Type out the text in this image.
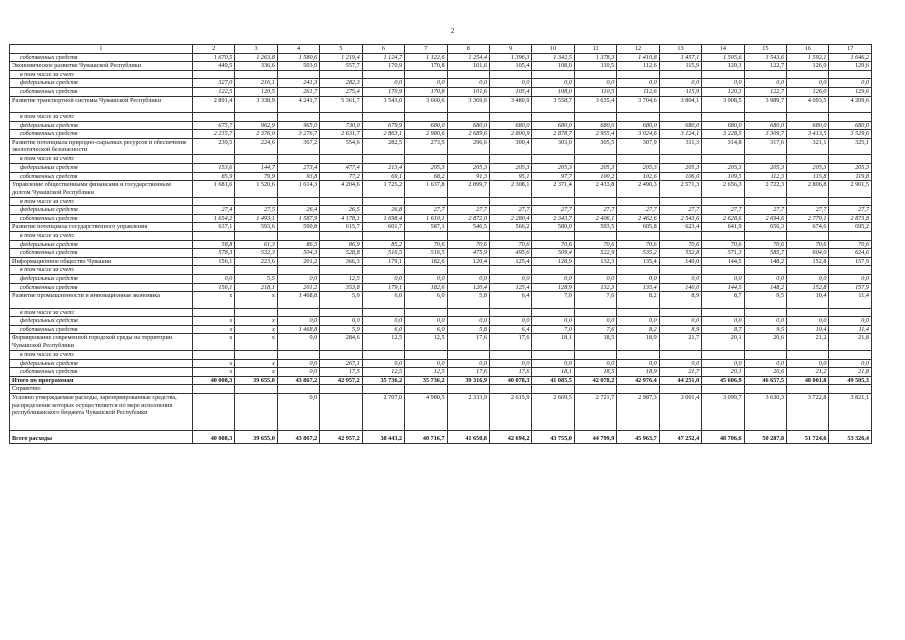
2
1	2	3	4	5	6	7	8	9	10	11	12	13	14	15	16	17
собственных средств	1 670,5	1 263,8	1 580,6	1 219,4	1 124,7	1 122,6	1 254,4	1 396,3	1 342,5	1 378,3	1 410,8	1 457,1	1 505,6	1 543,6	1 592,1	1 646,2
Экономическое развитие Чувашской Республики	449,5	336,6	503,0	557,7	170,9	170,8	101,6	105,4	108,0	110,5	112,6	115,9	120,3	122,7	126,0	129,6
в том числе за счет:																
федеральных средств	327,0	216,1	241,3	282,3	0,0	0,0	0,0	0,0	0,0	0,0	0,0	0,0	0,0	0,0	0,0	0,0
собственных средств	122,5	120,5	261,7	275,4	170,9	170,8	101,6	105,4	108,0	110,5	112,6	115,9	120,3	122,7	126,0	129,6
Развитие транспортной системы Чувашской Республики	2 891,4	3 338,9	4 241,7	5 361,7	3 543,0	3 660,6	3 369,6	3 480,9	3 558,7	3 635,4	3 704,6	3 804,1	3 908,5	3 989,7	4 093,5	4 209,6
в том числе за счет:																
федеральных средств	675,7	962,9	965,0	730,0	679,9	680,0	680,0	680,0	680,0	680,0	680,0	680,0	680,0	680,0	680,0	680,0
собственных средств	2 215,7	2 376,0	3 276,7	2 631,7	2 863,1	2 980,6	2 689,6	2 800,9	2 878,7	2 955,4	3 024,6	3 124,1	3 228,5	3 309,7	3 413,5	3 529,6
Развитие потенциала природно-сырьевых ресурсов и обеспечение экологической безопасности	239,5	224,6	367,2	554,6	282,5	273,5	296,6	300,4	303,0	305,5	307,9	311,3	314,8	317,6	321,1	325,1
в том числе за счет:																
федеральных средств	153,6	144,7	273,4	477,4	213,4	205,3	205,3	205,3	205,3	205,3	205,3	205,3	205,3	205,3	205,3	205,3
собственных средств	85,9	79,9	93,8	77,2	69,1	68,2	91,3	95,1	97,7	100,2	102,6	106,0	109,5	112,3	115,8	119,8
Управление общественными финансами и государственным долгом Чувашской Республики	1 681,6	1 520,6	1 614,3	4 204,6	1 725,2	1 637,8	2 899,7	2 308,1	2 371,4	2 433,8	2 490,3	2 571,3	2 656,3	2 722,3	2 806,8	2 901,5
в том числе за счет:																
федеральных средств	27,4	27,5	26,4	26,5	26,8	27,7	27,7	27,7	27,7	27,7	27,7	27,7	27,7	27,7	27,7	27,7
собственных средств	1 654,2	1 493,1	1 587,9	4 178,1	1 698,4	1 610,1	2 872,0	2 280,4	2 343,7	2 406,1	2 462,6	2 543,6	2 628,6	2 694,6	2 779,1	2 873,8
Развитие потенциала государственного управления	637,1	593,6	590,8	615,7	601,7	587,1	546,5	566,2	580,0	593,5	605,8	623,4	641,9	656,3	674,6	695,2
в том числе за счет:																
федеральных средств	58,8	61,3	86,5	86,9	85,2	70,6	70,6	70,6	70,6	70,6	70,6	70,6	70,6	70,6	70,6	70,6
собственных средств	578,3	532,3	504,3	528,8	516,5	516,5	475,9	495,6	509,4	522,9	535,2	552,8	571,3	585,7	604,0	624,6
Информационное общество Чувашии	156,1	223,6	201,2	366,3	179,1	182,6	120,4	125,4	128,9	132,3	135,4	140,0	144,5	148,2	152,8	157,9
в том числе за счет:																
федеральных средств	0,0	5,5	0,0	12,5	0,0	0,0	0,0	0,0	0,0	0,0	0,0	0,0	0,0	0,0	0,0	0,0
собственных средств	156,1	218,1	201,2	353,8	179,1	182,6	120,4	125,4	128,9	132,3	135,4	140,0	144,5	148,2	152,8	157,9
Развитие промышленности и инновационная экономика	x	x	1 468,8	5,9	6,0	6,0	5,8	6,4	7,0	7,6	8,2	8,9	8,7	9,5	10,4	11,4
в том числе за счет:																
федеральных средств	x	x	0,0	0,0	0,0	0,0	0,0	0,0	0,0	0,0	0,0	0,0	0,0	0,0	0,0	0,0
собственных средств	x	x	1 468,8	5,9	6,0	6,0	5,8	6,4	7,0	7,6	8,2	8,9	8,7	9,5	10,4	11,4
Формирование современной городской среды на территории Чувашской Республики	x	x	0,0	284,6	12,5	12,5	17,6	17,6	18,1	18,5	18,9	21,7	20,1	20,6	21,2	21,8
в том числе за счет:																
федеральных средств	x	x	0,0	267,1	0,0	0,0	0,0	0,0	0,0	0,0	0,0	0,0	0,0	0,0	0,0	0,0
собственных средств	x	x	0,0	17,5	12,5	12,5	17,6	17,6	18,1	18,5	18,9	21,7	20,1	20,6	21,2	21,8
Итого по программам	40 008,3	39 655,0	43 867,2	42 957,2	35 736,2	35 736,2	39 316,9	40 078,3	41 085,5	42 078,2	42 976,4	44 251,0	45 606,9	46 657,5	48 001,8	49 505,3
Справочно																
Условно утверждаемые расходы, зарезервированные средства, распределение которых осуществляется по мере исполнения республиканского бюджета Чувашской Республики			0,0		2 707,0	4 980,5	2 333,9	2 615,9	2 669,5	2 721,7	2 987,3	3 001,4	3 099,7	3 630,3	3 722,8	3 821,1
Всего расходы	40 008,3	39 655,0	43 867,2	42 957,2	38 443,2	40 716,7	41 650,8	42 694,2	43 755,0	44 799,9	45 963,7	47 252,4	48 706,6	50 287,8	51 724,6	53 326,4
